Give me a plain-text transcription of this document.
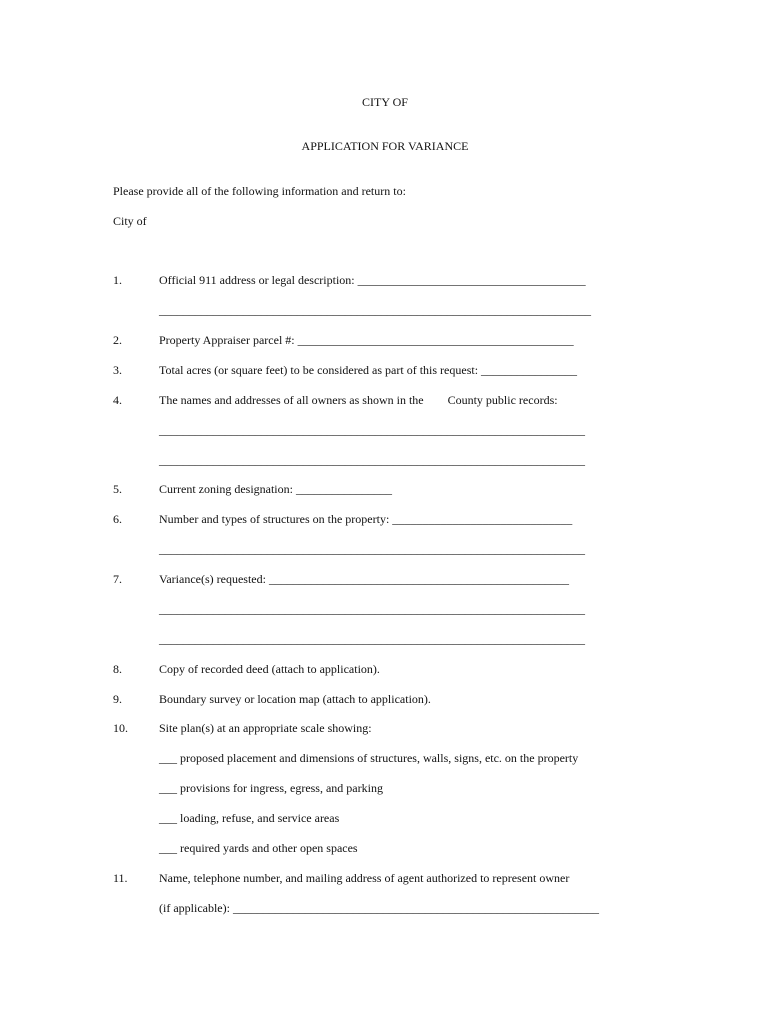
CITY OF
APPLICATION FOR VARIANCE
Please provide all of the following information and return to:
City of
1.	Official 911 address or legal description: ______________________________________
________________________________________________________________________
2.	Property Appraiser parcel #: ______________________________________________
3.	Total acres (or square feet) to be considered as part of this request: ________________
4.	The names and addresses of all owners as shown in the        County public records:
_______________________________________________________________________
_______________________________________________________________________
5.	Current zoning designation: ________________
6.	Number and types of structures on the property: ______________________________
_______________________________________________________________________
7.	Variance(s) requested: __________________________________________________
_______________________________________________________________________
_______________________________________________________________________
8.	Copy of recorded deed (attach to application).
9.	Boundary survey or location map (attach to application).
10.	Site plan(s) at an appropriate scale showing:
___ proposed placement and dimensions of structures, walls, signs, etc. on the property
___ provisions for ingress, egress, and parking
___ loading, refuse, and service areas
___ required yards and other open spaces
11.	Name, telephone number, and mailing address of agent authorized to represent owner
(if applicable): _____________________________________________________________
